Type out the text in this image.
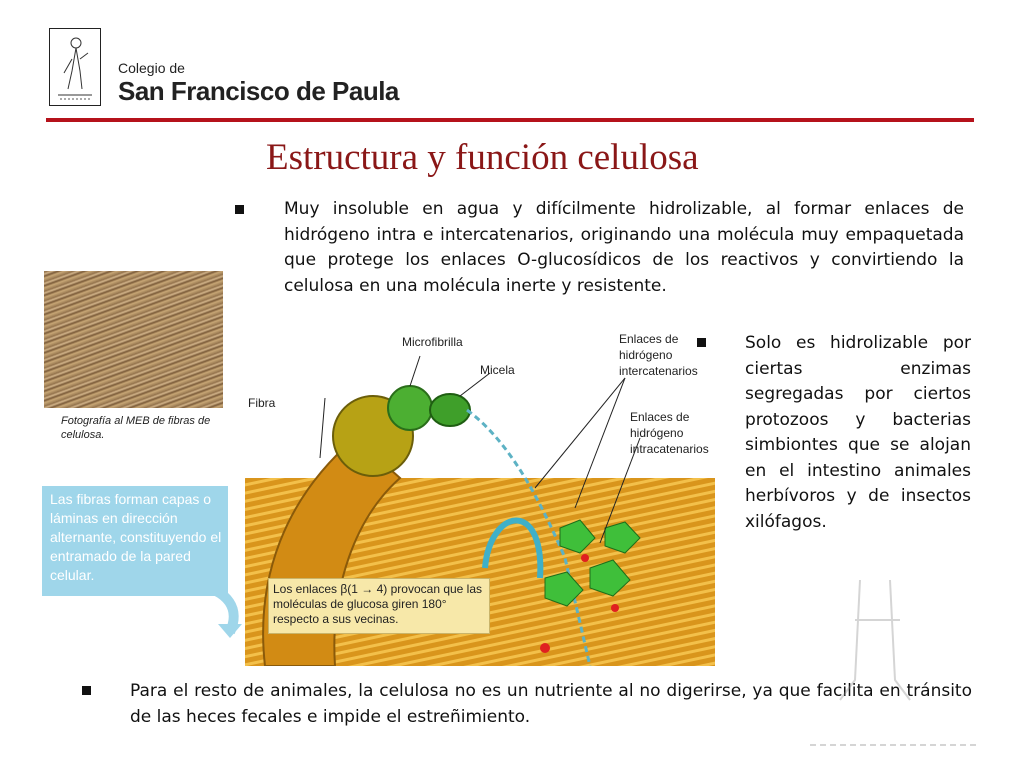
Colegio de
San Francisco de Paula
Estructura y función celulosa
Muy insoluble en agua y difícilmente hidrolizable, al formar enlaces de hidrógeno intra e intercatenarios, originando una molécula muy empaquetada que protege los enlaces O-glucosídicos de los reactivos y convirtiendo la celulosa en una molécula inerte y resistente.
Fotografía al MEB de fibras de celulosa.
Las fibras forman capas o láminas en dirección alternante, constituyendo el entramado de la pared celular.
Microfibrilla
Micela
Fibra
Enlaces de
hidrógeno
intercatenarios
Enlaces de
hidrógeno
intracatenarios
Los enlaces β(1 → 4) provocan que las moléculas de glucosa giren 180° respecto a sus vecinas.
Solo es hidrolizable por ciertas enzimas segregadas por ciertos protozoos y bacterias simbiontes que se alojan en el intestino animales herbívoros y de insectos xilófagos.
Para el resto de animales, la celulosa no es un nutriente al no digerirse, ya que facilita en tránsito de las heces fecales e impide el estreñimiento.
